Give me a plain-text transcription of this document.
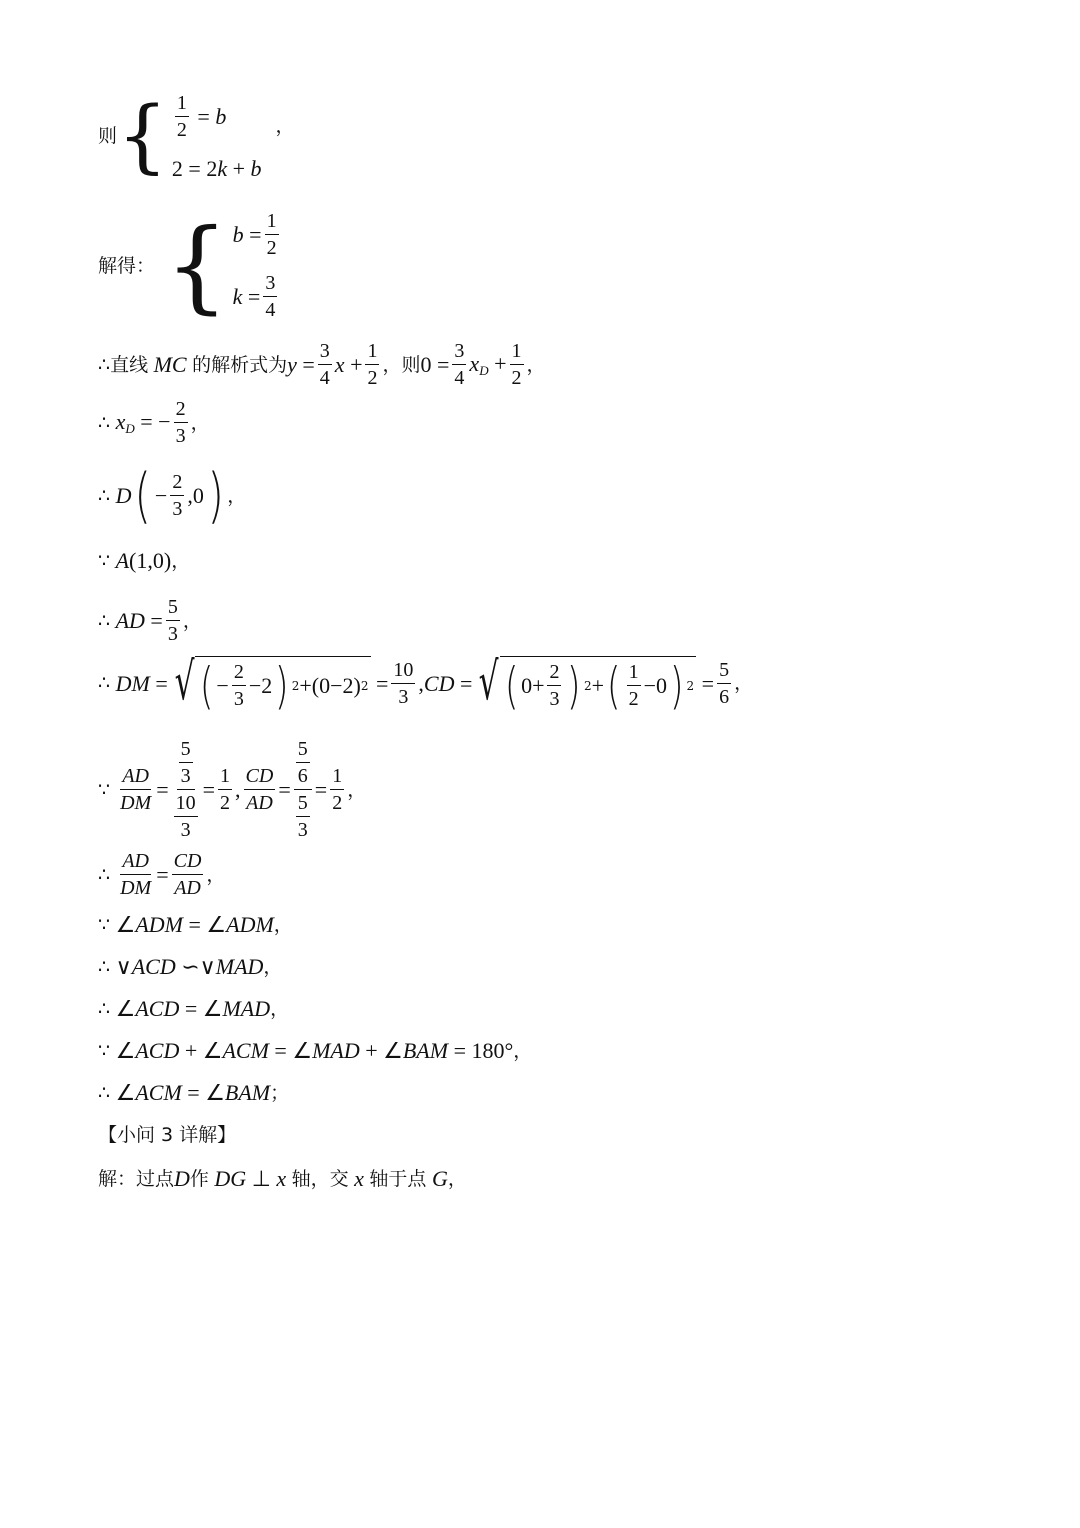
则 { $\frac{1}{2} = b$
2 = 2k + b
，
解得： { $b = \frac{1}{2}$
$k = \frac{3}{4}$
∴直线 MC 的解析式为 $y = \frac{3}{4}$ $x + \frac{1}{2}$ ，则 $0 = \frac{3}{4} x_D + \frac{1}{2}$ ，
∴ $x_D$ = − $\frac{2}{3}$ ，
∴ D ( − $\frac{2}{3} ,0$ ) ，
∵ A(1,0) ，
∴ AD = $\frac{5}{3}$ ，
∴ DM = √ ( − $\frac{2}{3} -2$ ) 2 +(0−2) $2 = \frac{10}{3} ,CD$ = √ ( $0+ \frac{2}{3}$ ) 2 + ( $\frac{1}{2} -0$ ) $2 = \frac{5}{6}$ ，
∵ $\frac{AD}{DM} = \frac{\frac{5}{3}}{\frac{10}{3}} = \frac{1}{2}$ , $\frac{CD}{AD} = \frac{\frac{5}{6}}{\frac{5}{3}} = \frac{1}{2}$ ，
∴ $\frac{AD}{DM} = \frac{CD}{AD}$ ，
∵ ∠ADM = ∠ADM ，
∴ ∨ACD ∽∨MAD ，
∴ ∠ACD = ∠MAD ，
∵ ∠ACD + ∠ACM = ∠MAD + ∠BAM = 180° ，
∴ ∠ACM = ∠BAM ；
【小问 3 详解】
解：过点 D 作 DG ⊥ x 轴，交 x 轴于点 G ，
